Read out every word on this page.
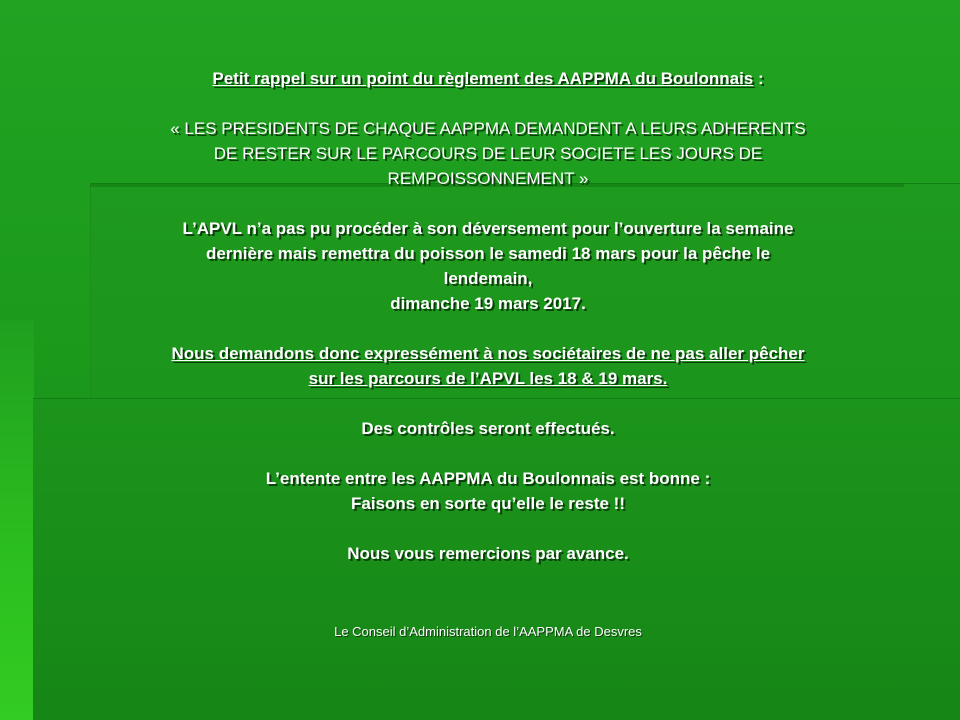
Petit rappel sur un point du règlement des AAPPMA du Boulonnais :

« LES PRESIDENTS DE CHAQUE AAPPMA DEMANDENT A LEURS ADHERENTS

DE RESTER SUR LE PARCOURS DE LEUR SOCIETE LES JOURS DE

REMPOISSONNEMENT »

L’APVL n’a pas pu procéder à son déversement pour l’ouverture la semaine

dernière mais remettra du poisson le samedi 18 mars pour la pêche le

lendemain,

dimanche 19 mars 2017.

Nous demandons donc expressément à nos sociétaires de ne pas aller pêcher

sur les parcours de l’APVL les 18 & 19 mars.

Des contrôles seront effectués.

L’entente entre les AAPPMA du Boulonnais est bonne :

Faisons en sorte qu’elle le reste !!

Nous vous remercions par avance.

Le Conseil d’Administration de l’AAPPMA de Desvres
